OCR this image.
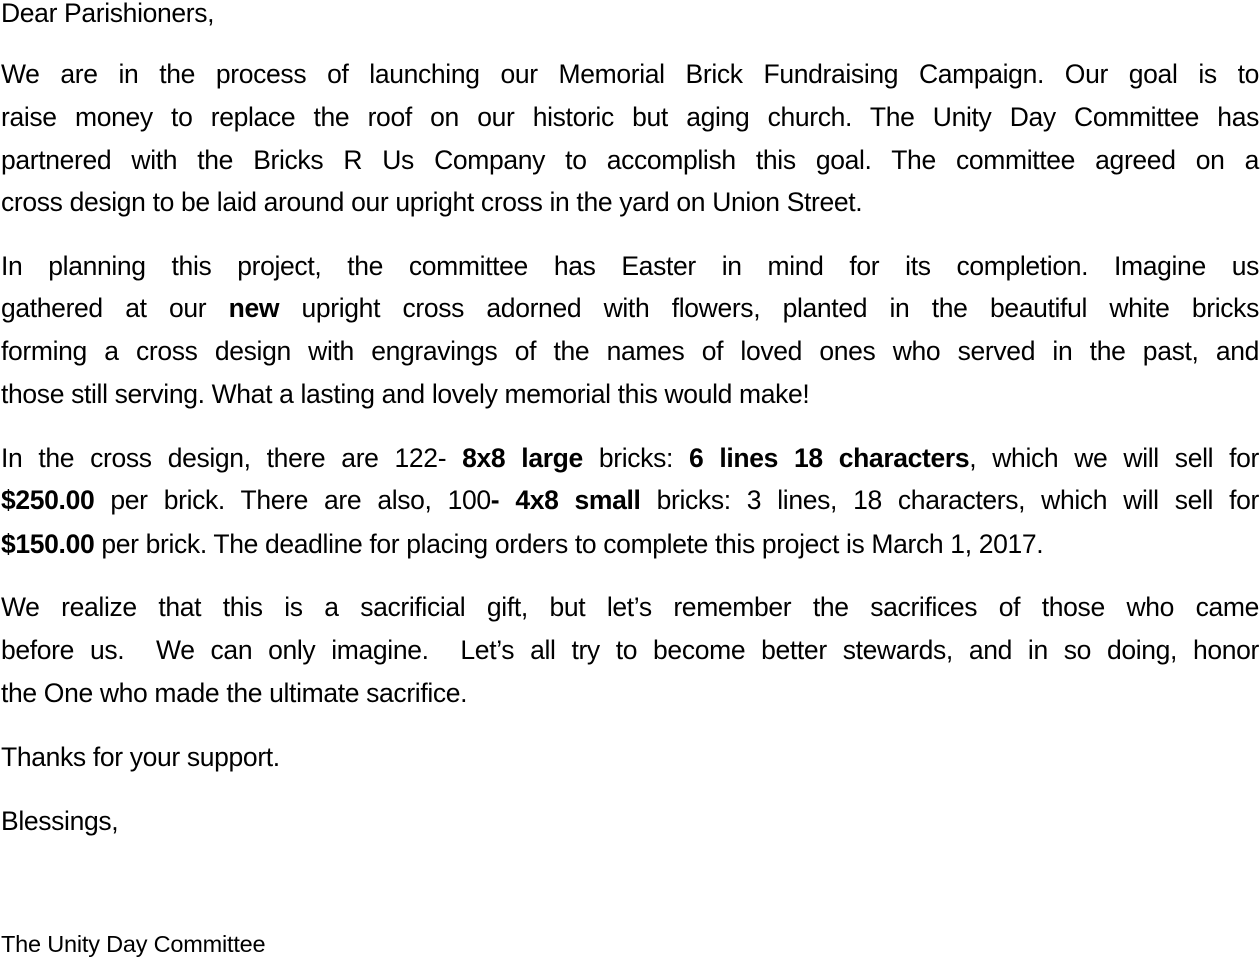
Dear Parishioners,
We are in the process of launching our Memorial Brick Fundraising Campaign. Our goal is to
raise money to replace the roof on our historic but aging church. The Unity Day Committee has
partnered with the Bricks R Us Company to accomplish this goal. The committee agreed on a
cross design to be laid around our upright cross in the yard on Union Street.
In planning this project, the committee has Easter in mind for its completion. Imagine us
gathered at our new upright cross adorned with flowers, planted in the beautiful white bricks
forming a cross design with engravings of the names of loved ones who served in the past, and
those still serving. What a lasting and lovely memorial this would make!
In the cross design, there are 122- 8x8 large bricks: 6 lines 18 characters, which we will sell for
$250.00 per brick. There are also, 100- 4x8 small bricks: 3 lines, 18 characters, which will sell for
$150.00 per brick. The deadline for placing orders to complete this project is March 1, 2017.
We realize that this is a sacrificial gift, but let’s remember the sacrifices of those who came
before us.  We can only imagine.  Let’s all try to become better stewards, and in so doing, honor
the One who made the ultimate sacrifice.
Thanks for your support.
Blessings,
The Unity Day Committee
